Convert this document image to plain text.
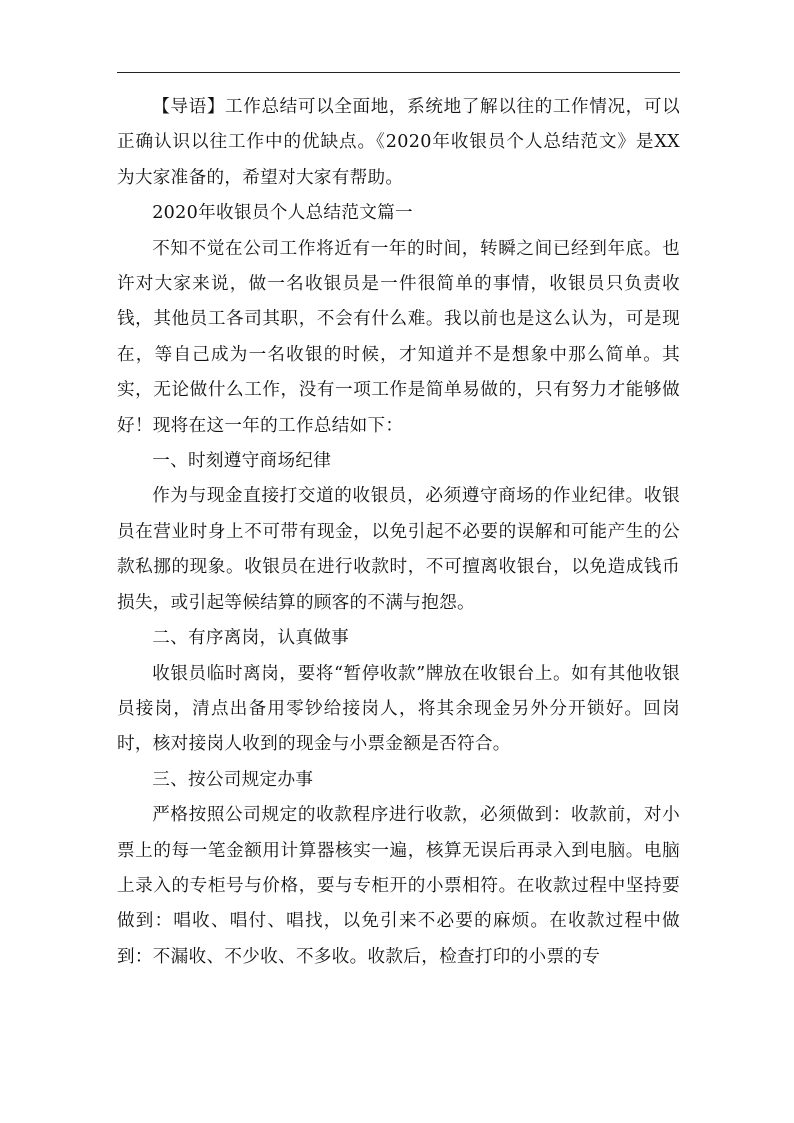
【导语】工作总结可以全面地，系统地了解以往的工作情况，可以正确认识以往工作中的优缺点。《2020年收银员个人总结范文》是XX为大家准备的，希望对大家有帮助。

2020年收银员个人总结范文篇一

不知不觉在公司工作将近有一年的时间，转瞬之间已经到年底。也许对大家来说，做一名收银员是一件很简单的事情，收银员只负责收钱，其他员工各司其职，不会有什么难。我以前也是这么认为，可是现在，等自己成为一名收银的时候，才知道并不是想象中那么简单。其实，无论做什么工作，没有一项工作是简单易做的，只有努力才能够做好！现将在这一年的工作总结如下：

一、时刻遵守商场纪律

作为与现金直接打交道的收银员，必须遵守商场的作业纪律。收银员在营业时身上不可带有现金，以免引起不必要的误解和可能产生的公款私挪的现象。收银员在进行收款时，不可擅离收银台，以免造成钱币损失，或引起等候结算的顾客的不满与抱怨。

二、有序离岗，认真做事

收银员临时离岗，要将“暂停收款”牌放在收银台上。如有其他收银员接岗，清点出备用零钞给接岗人，将其余现金另外分开锁好。回岗时，核对接岗人收到的现金与小票金额是否符合。

三、按公司规定办事

严格按照公司规定的收款程序进行收款，必须做到：收款前，对小票上的每一笔金额用计算器核实一遍，核算无误后再录入到电脑。电脑上录入的专柜号与价格，要与专柜开的小票相符。在收款过程中坚持要做到：唱收、唱付、唱找，以免引来不必要的麻烦。在收款过程中做到：不漏收、不少收、不多收。收款后，检查打印的小票的专
